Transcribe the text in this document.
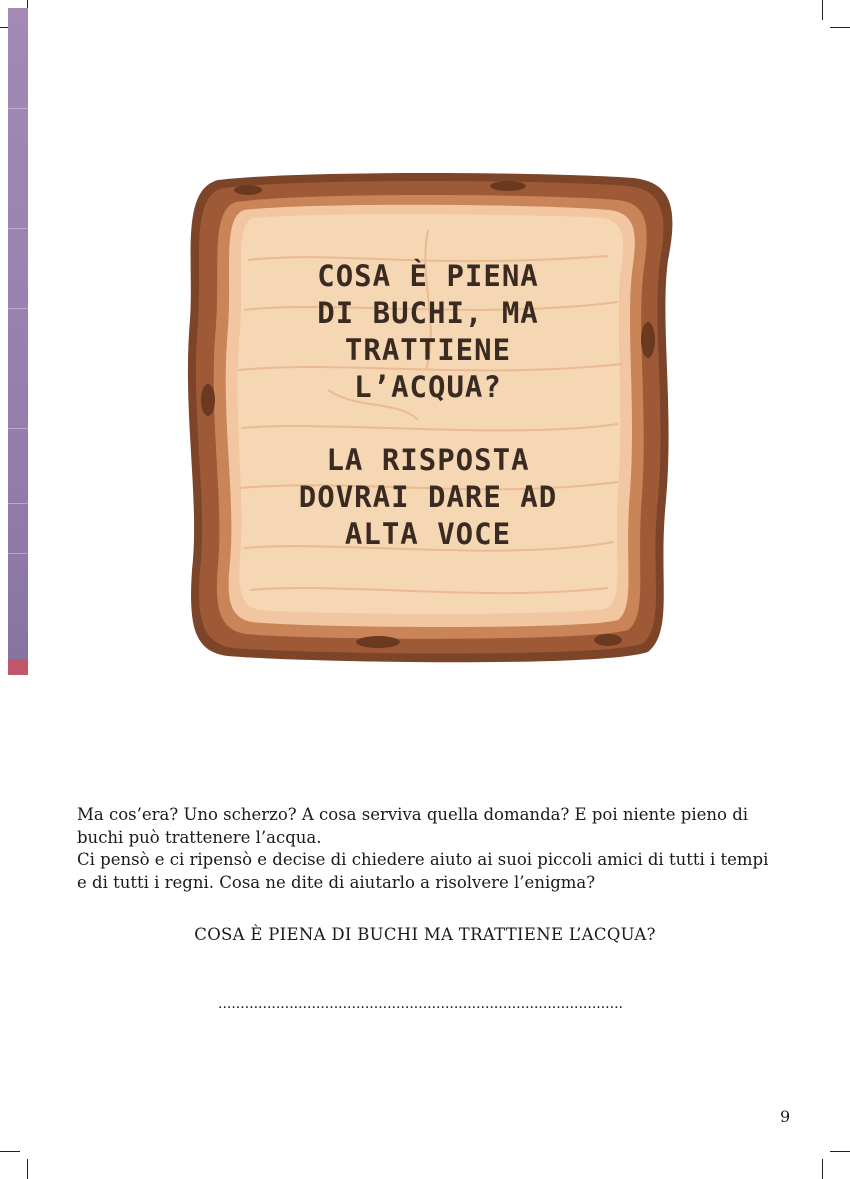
COSA È PIENA
DI BUCHI, MA
TRATTIENE
L’ACQUA?
LA RISPOSTA
DOVRAI DARE AD
ALTA VOCE

Ma cos’era? Uno scherzo? A cosa serviva quella domanda? E poi niente pieno di buchi può trattenere l’acqua.

Ci pensò e ci ripensò e decise di chiedere aiuto ai suoi piccoli amici di tutti i tempi e di tutti i regni. Cosa ne dite di aiutarlo a risolvere l’enigma?

COSA È PIENA DI BUCHI MA TRATTIENE L’ACQUA?
...........................................................................................
9
